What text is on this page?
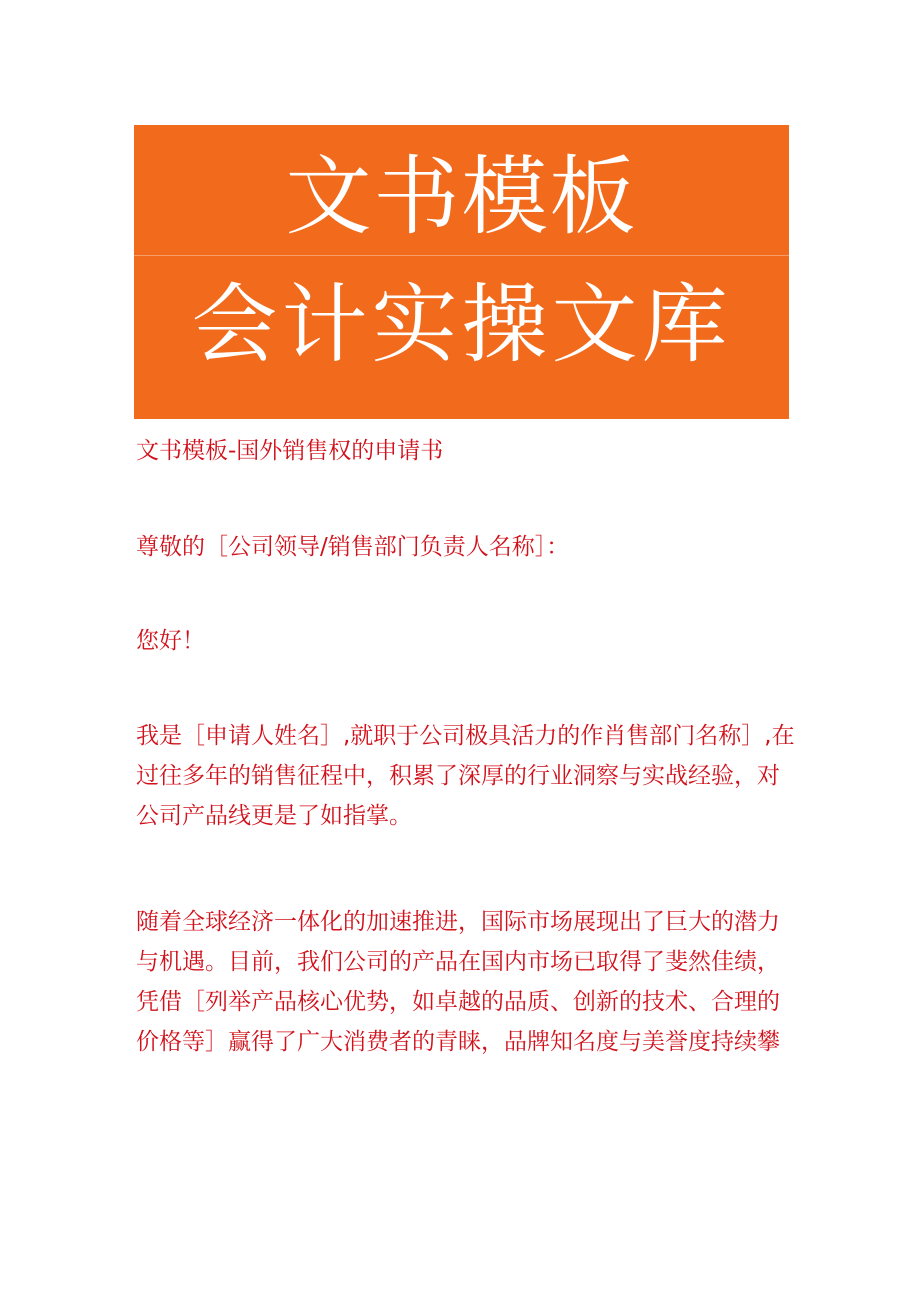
文书模板
会计实操文库
文书模板-国外销售权的申请书
尊敬的［公司领导/销售部门负责人名称］：
您好！

我是［申请人姓名］,就职于公司极具活力的作肖售部门名称］,在

过往多年的销售征程中，积累了深厚的行业洞察与实战经验，对

公司产品线更是了如指掌。

随着全球经济一体化的加速推进，国际市场展现出了巨大的潜力

与机遇。目前，我们公司的产品在国内市场已取得了斐然佳绩，

凭借［列举产品核心优势，如卓越的品质、创新的技术、合理的

价格等］赢得了广大消费者的青睐，品牌知名度与美誉度持续攀
